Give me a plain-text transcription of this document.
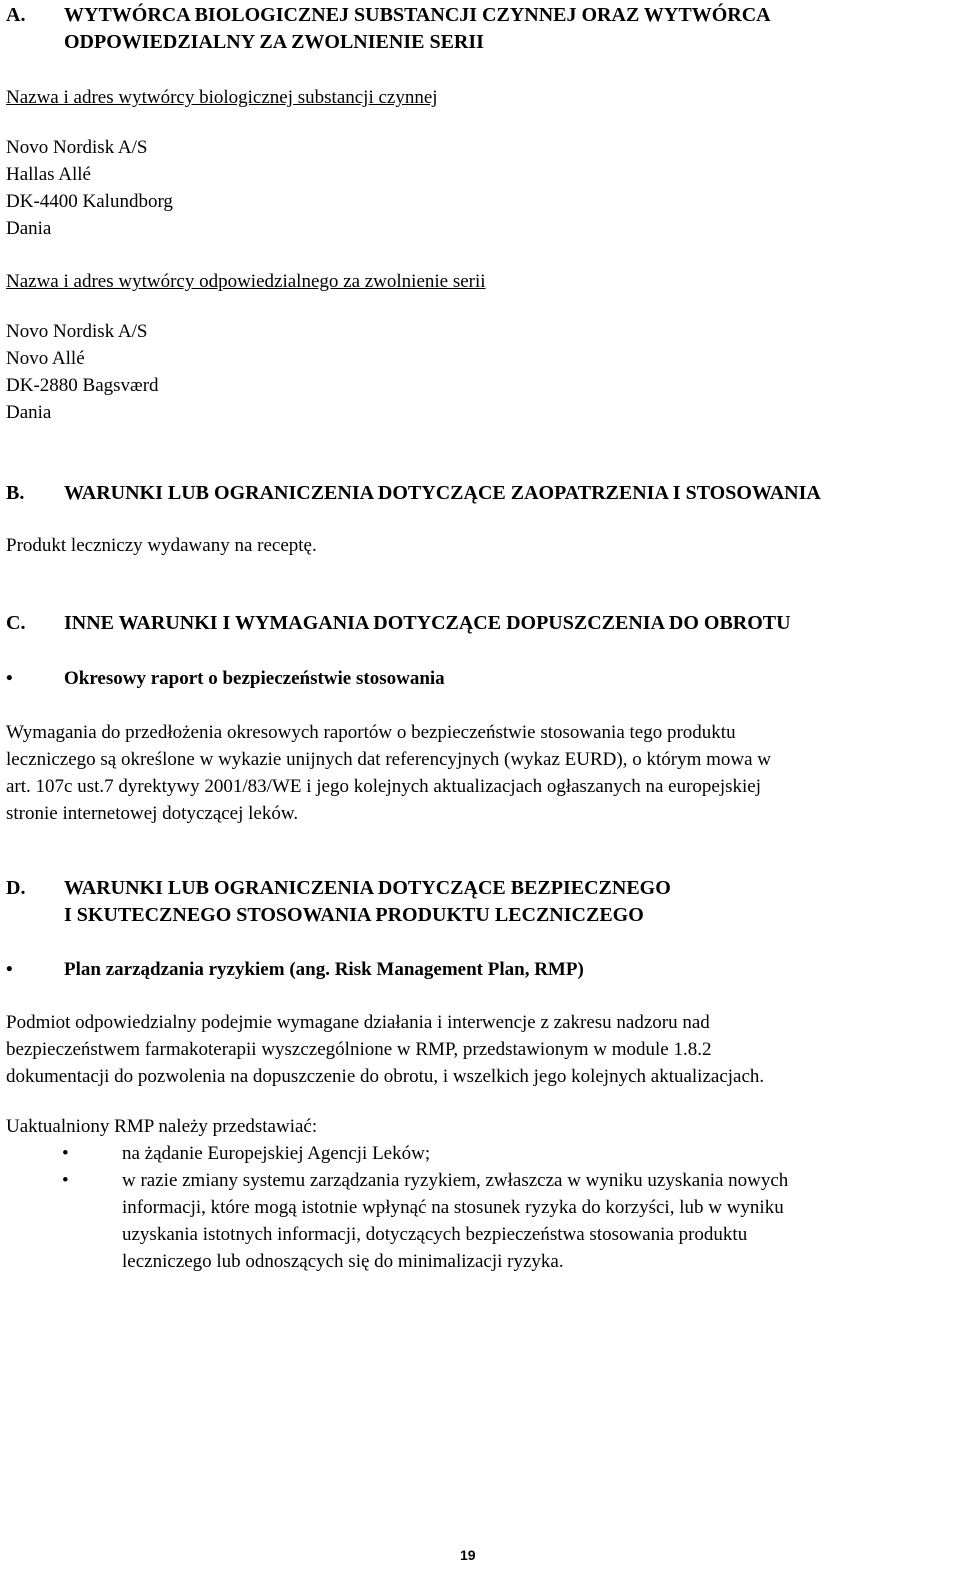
A.	WYTWÓRCA BIOLOGICZNEJ SUBSTANCJI CZYNNEJ ORAZ WYTWÓRCA
ODPOWIEDZIALNY ZA ZWOLNIENIE SERII
Nazwa i adres wytwórcy biologicznej substancji czynnej
Novo Nordisk A/S
Hallas Allé
DK-4400 Kalundborg
Dania
Nazwa i adres wytwórcy odpowiedzialnego za zwolnienie serii
Novo Nordisk A/S
Novo Allé
DK-2880 Bagsværd
Dania
B. WARUNKI LUB OGRANICZENIA DOTYCZĄCE ZAOPATRZENIA I STOSOWANIA
Produkt leczniczy wydawany na receptę.
C. INNE WARUNKI I WYMAGANIA DOTYCZĄCE DOPUSZCZENIA DO OBROTU
•	Okresowy raport o bezpieczeństwie stosowania
Wymagania do przedłożenia okresowych raportów o bezpieczeństwie stosowania tego produktu
leczniczego są określone w wykazie unijnych dat referencyjnych (wykaz EURD), o którym mowa w
art. 107c ust.7 dyrektywy 2001/83/WE i jego kolejnych aktualizacjach ogłaszanych na europejskiej
stronie internetowej dotyczącej leków.
D.	WARUNKI LUB OGRANICZENIA DOTYCZĄCE BEZPIECZNEGO
I SKUTECZNEGO STOSOWANIA PRODUKTU LECZNICZEGO
•	Plan zarządzania ryzykiem (ang. Risk Management Plan, RMP)
Podmiot odpowiedzialny podejmie wymagane działania i interwencje z zakresu nadzoru nad
bezpieczeństwem farmakoterapii wyszczególnione w RMP, przedstawionym w module 1.8.2
dokumentacji do pozwolenia na dopuszczenie do obrotu, i wszelkich jego kolejnych aktualizacjach.
Uaktualniony RMP należy przedstawiać:
•	na żądanie Europejskiej Agencji Leków;
•	w razie zmiany systemu zarządzania ryzykiem, zwłaszcza w wyniku uzyskania nowych
informacji, które mogą istotnie wpłynąć na stosunek ryzyka do korzyści, lub w wyniku
uzyskania istotnych informacji, dotyczących bezpieczeństwa stosowania produktu
leczniczego lub odnoszących się do minimalizacji ryzyka.
19
